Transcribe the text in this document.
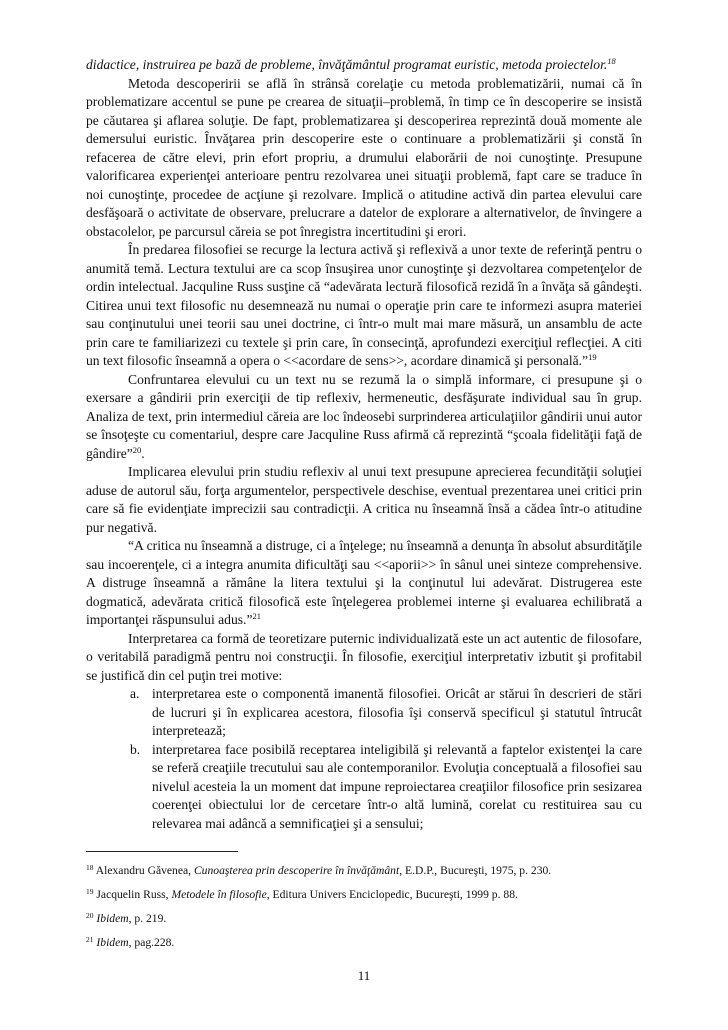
didactice, instruirea pe bază de probleme, învăţământul programat euristic, metoda proiectelor.$^{18}$

Metoda descoperirii se află în strânsă corelaţie cu metoda problematizării, numai că în problematizare accentul se pune pe crearea de situaţii–problemă, în timp ce în descoperire se insistă pe căutarea şi aflarea soluţie. De fapt, problematizarea şi descoperirea reprezintă două momente ale demersului euristic. Învăţarea prin descoperire este o continuare a problematizării şi constă în refacerea de către elevi, prin efort propriu, a drumului elaborării de noi cunoştinţe. Presupune valorificarea experienţei anterioare pentru rezolvarea unei situaţii problemă, fapt care se traduce în noi cunoştinţe, procedee de acţiune şi rezolvare. Implică o atitudine activă din partea elevului care desfăşoară o activitate de observare, prelucrare a datelor de explorare a alternativelor, de învingere a obstacolelor, pe parcursul căreia se pot înregistra incertitudini şi erori.

În predarea filosofiei se recurge la lectura activă şi reflexivă a unor texte de referinţă pentru o anumită temă. Lectura textului are ca scop însuşirea unor cunoştinţe şi dezvoltarea competenţelor de ordin intelectual. Jacquline Russ susţine că “adevărata lectură filosofică rezidă în a învăţa să gândeşti. Citirea unui text filosofic nu desemnează nu numai o operaţie prin care te informezi asupra materiei sau conţinutului unei teorii sau unei doctrine, ci într-o mult mai mare măsură, un ansamblu de acte prin care te familiarizezi cu textele şi prin care, în consecinţă, aprofundezi exerciţiul reflecţiei. A citi un text filosofic înseamnă a opera o <<acordare de sens>>, acordare dinamică şi personală.”$^{19}$

Confruntarea elevului cu un text nu se rezumă la o simplă informare, ci presupune şi o exersare a gândirii prin exerciţii de tip reflexiv, hermeneutic, desfăşurate individual sau în grup. Analiza de text, prin intermediul căreia are loc îndeosebi surprinderea articulaţiilor gândirii unui autor se însoţeşte cu comentariul, despre care Jacquline Russ afirmă că reprezintă “şcoala fidelităţii faţă de gândire”$^{20}$.

Implicarea elevului prin studiu reflexiv al unui text presupune aprecierea fecundităţii soluţiei aduse de autorul său, forţa argumentelor, perspectivele deschise, eventual prezentarea unei critici prin care să fie evidenţiate imprecizii sau contradicţii. A critica nu înseamnă însă a cădea într-o atitudine pur negativă.

“A critica nu înseamnă a distruge, ci a înţelege; nu înseamnă a denunţa în absolut absurdităţile sau incoerenţele, ci a integra anumita dificultăţi sau <<aporii>> în sânul unei sinteze comprehensive. A distruge înseamnă a rămâne la litera textului şi la conţinutul lui adevărat. Distrugerea este dogmatică, adevărata critică filosofică este înţelegerea problemei interne şi evaluarea echilibrată a importanţei răspunsului adus.”$^{21}$

Interpretarea ca formă de teoretizare puternic individualizată este un act autentic de filosofare, o veritabilă paradigmă pentru noi construcţii. În filosofie, exerciţiul interpretativ izbutit şi profitabil se justifică din cel puţin trei motive:

a. interpretarea este o componentă imanentă filosofiei. Oricât ar stărui în descrieri de stări de lucruri şi în explicarea acestora, filosofia îşi conservă specificul şi statutul întrucât interpretează;
b. interpretarea face posibilă receptarea inteligibilă şi relevantă a faptelor existenţei la care se referă creaţiile trecutului sau ale contemporanilor. Evoluţia conceptuală a filosofiei sau nivelul acesteia la un moment dat impune reproiectarea creaţiilor filosofice prin sesizarea coerenţei obiectului lor de cercetare într-o altă lumină, corelat cu restituirea sau cu relevarea mai adâncă a semnificaţiei şi a sensului;

$^{18}$ Alexandru Găvenea, Cunoaşterea prin descoperire în învăţământ, E.D.P., Bucureşti, 1975, p. 230.

$^{19}$ Jacquelin Russ, Metodele în filosofie, Editura Univers Enciclopedic, Bucureşti, 1999 p. 88.

$^{20}$ Ibidem, p. 219.

$^{21}$ Ibidem, pag.228.

11
